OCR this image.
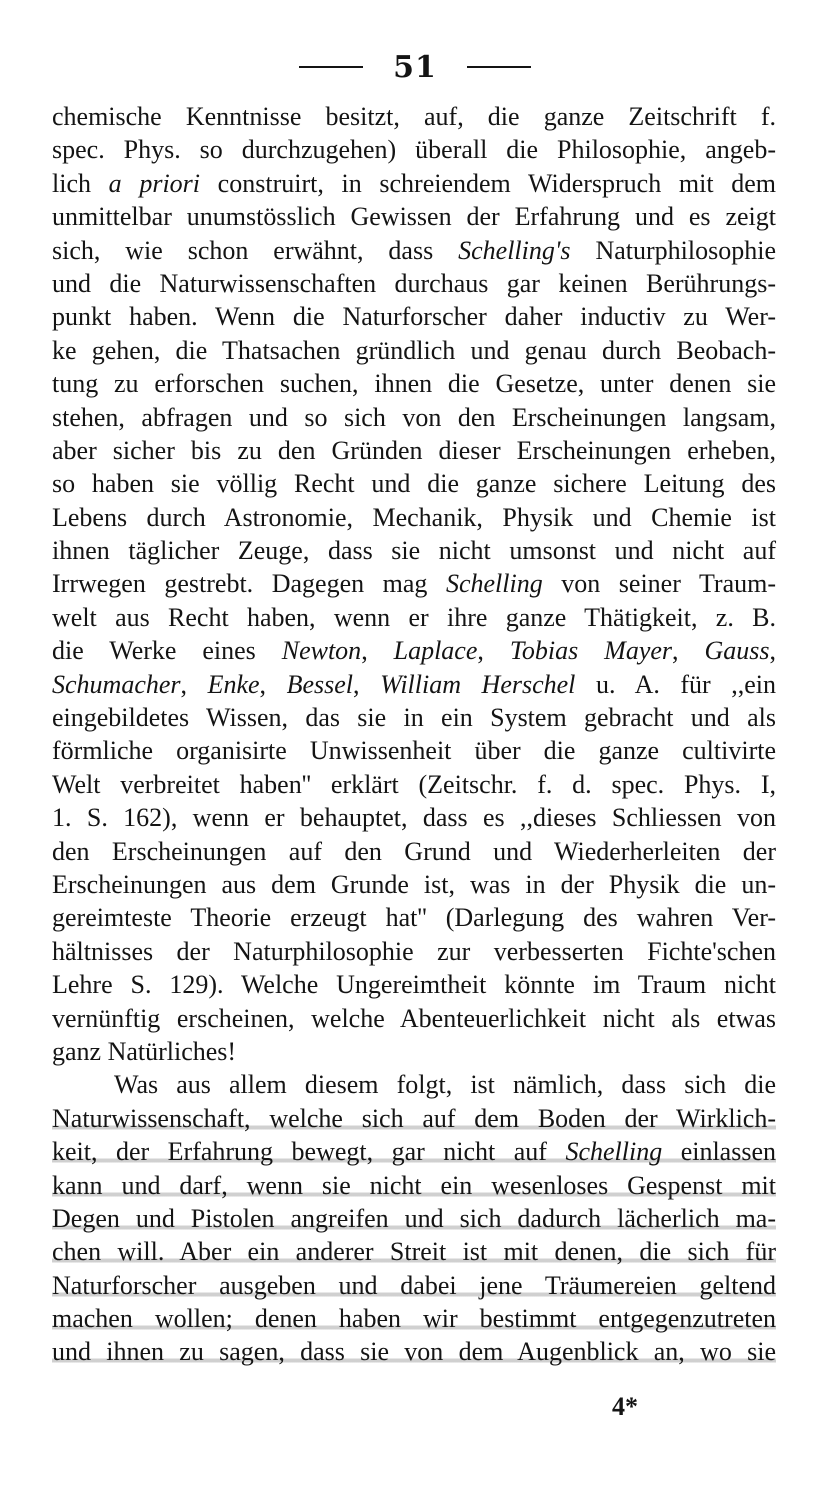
51
chemische Kenntnisse besitzt, auf, die ganze Zeitschrift f.
spec. Phys. so durchzugehen) überall die Philosophie, angeb-
lich a priori construirt, in schreiendem Widerspruch mit dem
unmittelbar unumstösslich Gewissen der Erfahrung und es zeigt
sich, wie schon erwähnt, dass Schelling's Naturphilosophie
und die Naturwissenschaften durchaus gar keinen Berührungs-
punkt haben. Wenn die Naturforscher daher inductiv zu Wer-
ke gehen, die Thatsachen gründlich und genau durch Beobach-
tung zu erforschen suchen, ihnen die Gesetze, unter denen sie
stehen, abfragen und so sich von den Erscheinungen langsam,
aber sicher bis zu den Gründen dieser Erscheinungen erheben,
so haben sie völlig Recht und die ganze sichere Leitung des
Lebens durch Astronomie, Mechanik, Physik und Chemie ist
ihnen täglicher Zeuge, dass sie nicht umsonst und nicht auf
Irrwegen gestrebt. Dagegen mag Schelling von seiner Traum-
welt aus Recht haben, wenn er ihre ganze Thätigkeit, z. B.
die Werke eines Newton, Laplace, Tobias Mayer, Gauss,
Schumacher, Enke, Bessel, William Herschel u. A. für ,,ein
eingebildetes Wissen, das sie in ein System gebracht und als
förmliche organisirte Unwissenheit über die ganze cultivirte
Welt verbreitet haben'' erklärt (Zeitschr. f. d. spec. Phys. I,
1. S. 162), wenn er behauptet, dass es ,,dieses Schliessen von
den Erscheinungen auf den Grund und Wiederherleiten der
Erscheinungen aus dem Grunde ist, was in der Physik die un-
gereimteste Theorie erzeugt hat'' (Darlegung des wahren Ver-
hältnisses der Naturphilosophie zur verbesserten Fichte'schen
Lehre S. 129). Welche Ungereimtheit könnte im Traum nicht
vernünftig erscheinen, welche Abenteuerlichkeit nicht als etwas
ganz Natürliches!
Was aus allem diesem folgt, ist nämlich, dass sich die
Naturwissenschaft, welche sich auf dem Boden der Wirklich-
keit, der Erfahrung bewegt, gar nicht auf Schelling einlassen
kann und darf, wenn sie nicht ein wesenloses Gespenst mit
Degen und Pistolen angreifen und sich dadurch lächerlich ma-
chen will. Aber ein anderer Streit ist mit denen, die sich für
Naturforscher ausgeben und dabei jene Träumereien geltend
machen wollen; denen haben wir bestimmt entgegenzutreten
und ihnen zu sagen, dass sie von dem Augenblick an, wo sie
4*
